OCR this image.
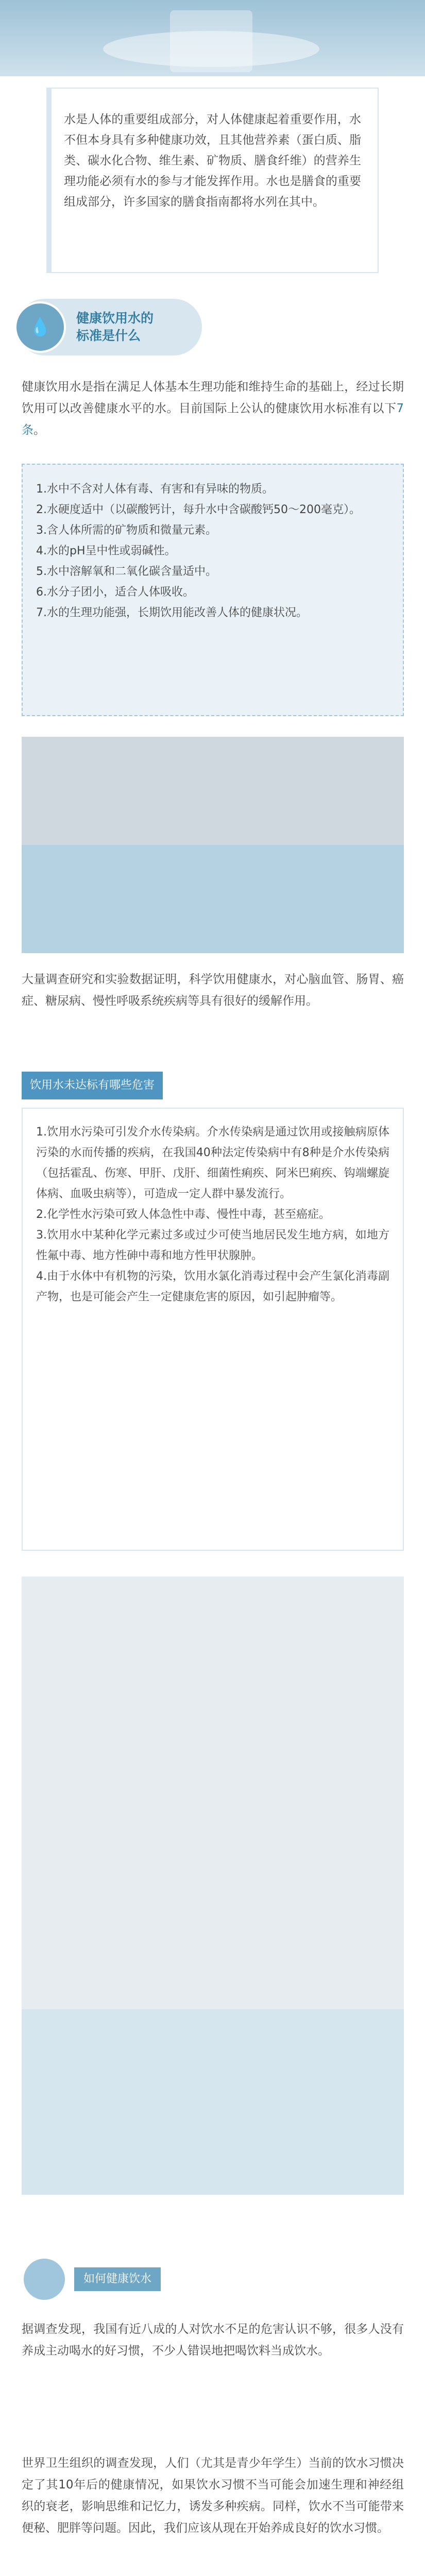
水是人体的重要组成部分，对人体健康起着重要作用，水不但本身具有多种健康功效，且其他营养素（蛋白质、脂类、碳水化合物、维生素、矿物质、膳食纤维）的营养生理功能必须有水的参与才能发挥作用。水也是膳食的重要组成部分，许多国家的膳食指南都将水列在其中。
💧	健康饮用水的
标准是什么
健康饮用水是指在满足人体基本生理功能和维持生命的基础上，经过长期饮用可以改善健康水平的水。目前国际上公认的健康饮用水标准有以下7条。
1.水中不含对人体有毒、有害和有异味的物质。
2.水硬度适中（以碳酸钙计，每升水中含碳酸钙50～200毫克）。
3.含人体所需的矿物质和微量元素。
4.水的pH呈中性或弱碱性。
5.水中溶解氧和二氧化碳含量适中。
6.水分子团小，适合人体吸收。
7.水的生理功能强，长期饮用能改善人体的健康状况。
大量调查研究和实验数据证明，科学饮用健康水，对心脑血管、肠胃、癌症、糖尿病、慢性呼吸系统疾病等具有很好的缓解作用。
饮用水未达标有哪些危害
1.饮用水污染可引发介水传染病。介水传染病是通过饮用或接触病原体污染的水而传播的疾病，在我国40种法定传染病中有8种是介水传染病（包括霍乱、伤寒、甲肝、戊肝、细菌性痢疾、阿米巴痢疾、钩端螺旋体病、血吸虫病等），可造成一定人群中暴发流行。
2.化学性水污染可致人体急性中毒、慢性中毒，甚至癌症。
3.饮用水中某种化学元素过多或过少可使当地居民发生地方病，如地方性氟中毒、地方性砷中毒和地方性甲状腺肿。
4.由于水体中有机物的污染，饮用水氯化消毒过程中会产生氯化消毒副产物，也是可能会产生一定健康危害的原因，如引起肿瘤等。
如何健康饮水
据调查发现，我国有近八成的人对饮水不足的危害认识不够，很多人没有养成主动喝水的好习惯，不少人错误地把喝饮料当成饮水。
世界卫生组织的调查发现，人们（尤其是青少年学生）当前的饮水习惯决定了其10年后的健康情况，如果饮水习惯不当可能会加速生理和神经组织的衰老，影响思维和记忆力，诱发多种疾病。同样，饮水不当可能带来便秘、肥胖等问题。因此，我们应该从现在开始养成良好的饮水习惯。
